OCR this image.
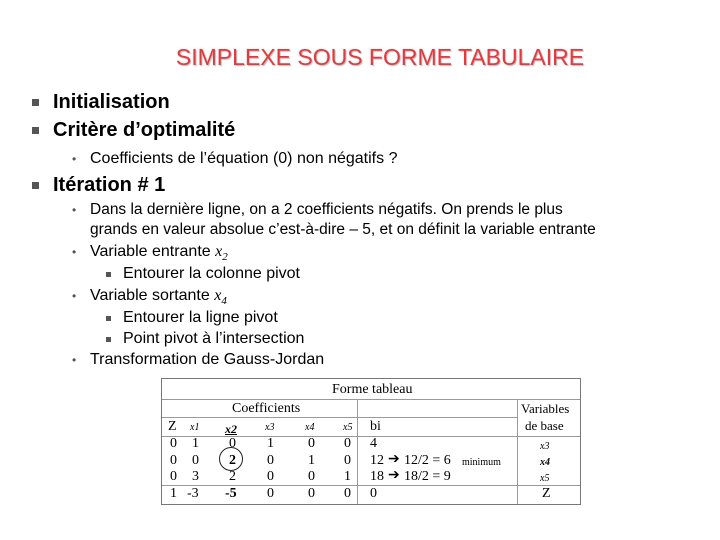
SIMPLEXE SOUS FORME TABULAIRE
Initialisation
Critère d’optimalité
• Coefficients de l’équation (0) non négatifs ?
Itération # 1
• Dans la dernière ligne, on a 2 coefficients négatifs. On prends le plus
grands en valeur absolue c’est-à-dire – 5, et on définit la variable entrante
• Variable entrante $x_2$
Entourer la colonne pivot
• Variable sortante $x_4$
Entourer la ligne pivot
Point pivot à l’intersection
• Transformation de Gauss-Jordan
Forme tableau
Coefficients	Variables
de base
Z x1 x2	x3	x4	x5 bi
0 1 0 1 0 0 4	x3
0 0 2 0 1 0 12 ➔ 12/2 = 6 minimum	x4
0 3 2 0 0 1 18 ➔ 18/2 = 9	x5
1 -3 -5 0 0 0 0	Z
